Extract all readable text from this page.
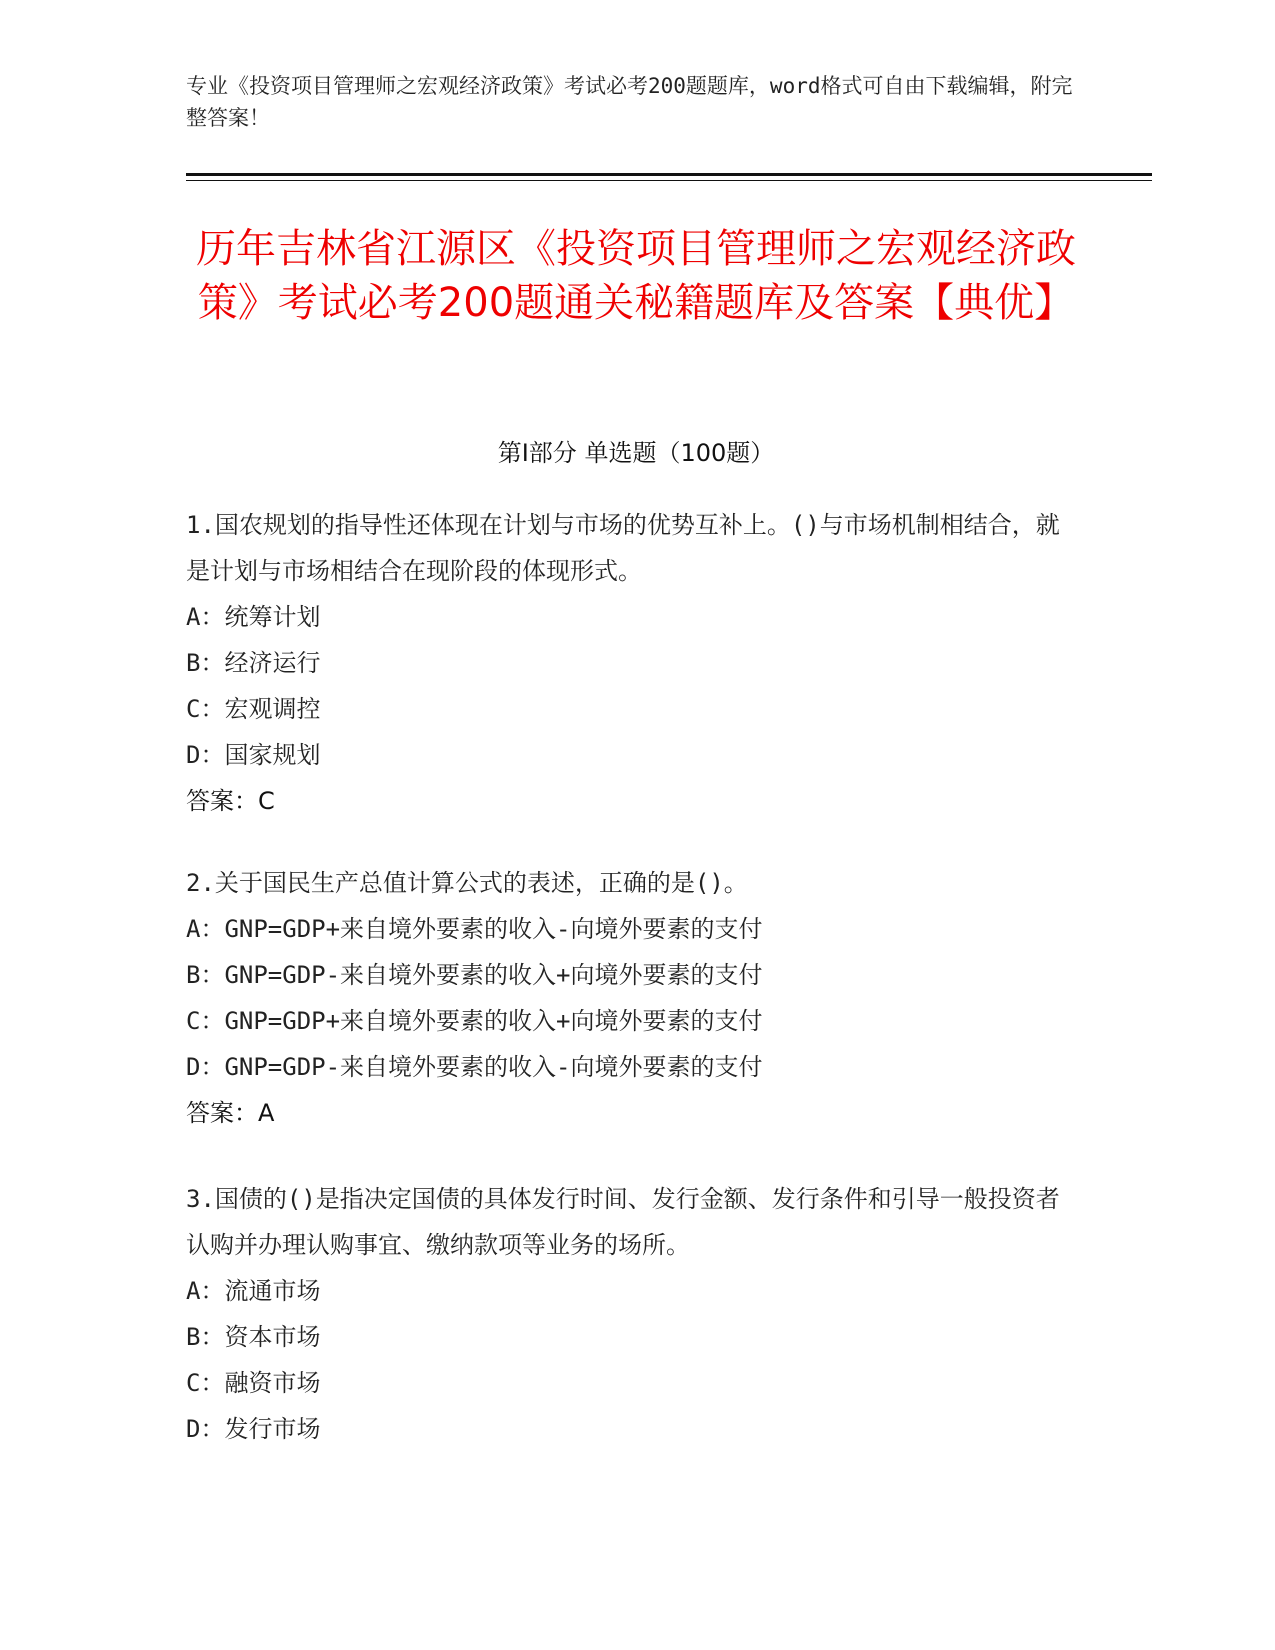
专业《投资项目管理师之宏观经济政策》考试必考200题题库，word格式可自由下载编辑，附完整答案！
历年吉林省江源区《投资项目管理师之宏观经济政策》考试必考200题通关秘籍题库及答案【典优】
第Ⅰ部分 单选题（100题）
1.国农规划的指导性还体现在计划与市场的优势互补上。()与市场机制相结合，就是计划与市场相结合在现阶段的体现形式。
A：统筹计划
B：经济运行
C：宏观调控
D：国家规划
答案：C
2.关于国民生产总值计算公式的表述，正确的是()。
A：GNP=GDP+来自境外要素的收入-向境外要素的支付
B：GNP=GDP-来自境外要素的收入+向境外要素的支付
C：GNP=GDP+来自境外要素的收入+向境外要素的支付
D：GNP=GDP-来自境外要素的收入-向境外要素的支付
答案：A
3.国债的()是指决定国债的具体发行时间、发行金额、发行条件和引导一般投资者认购并办理认购事宜、缴纳款项等业务的场所。
A：流通市场
B：资本市场
C：融资市场
D：发行市场
